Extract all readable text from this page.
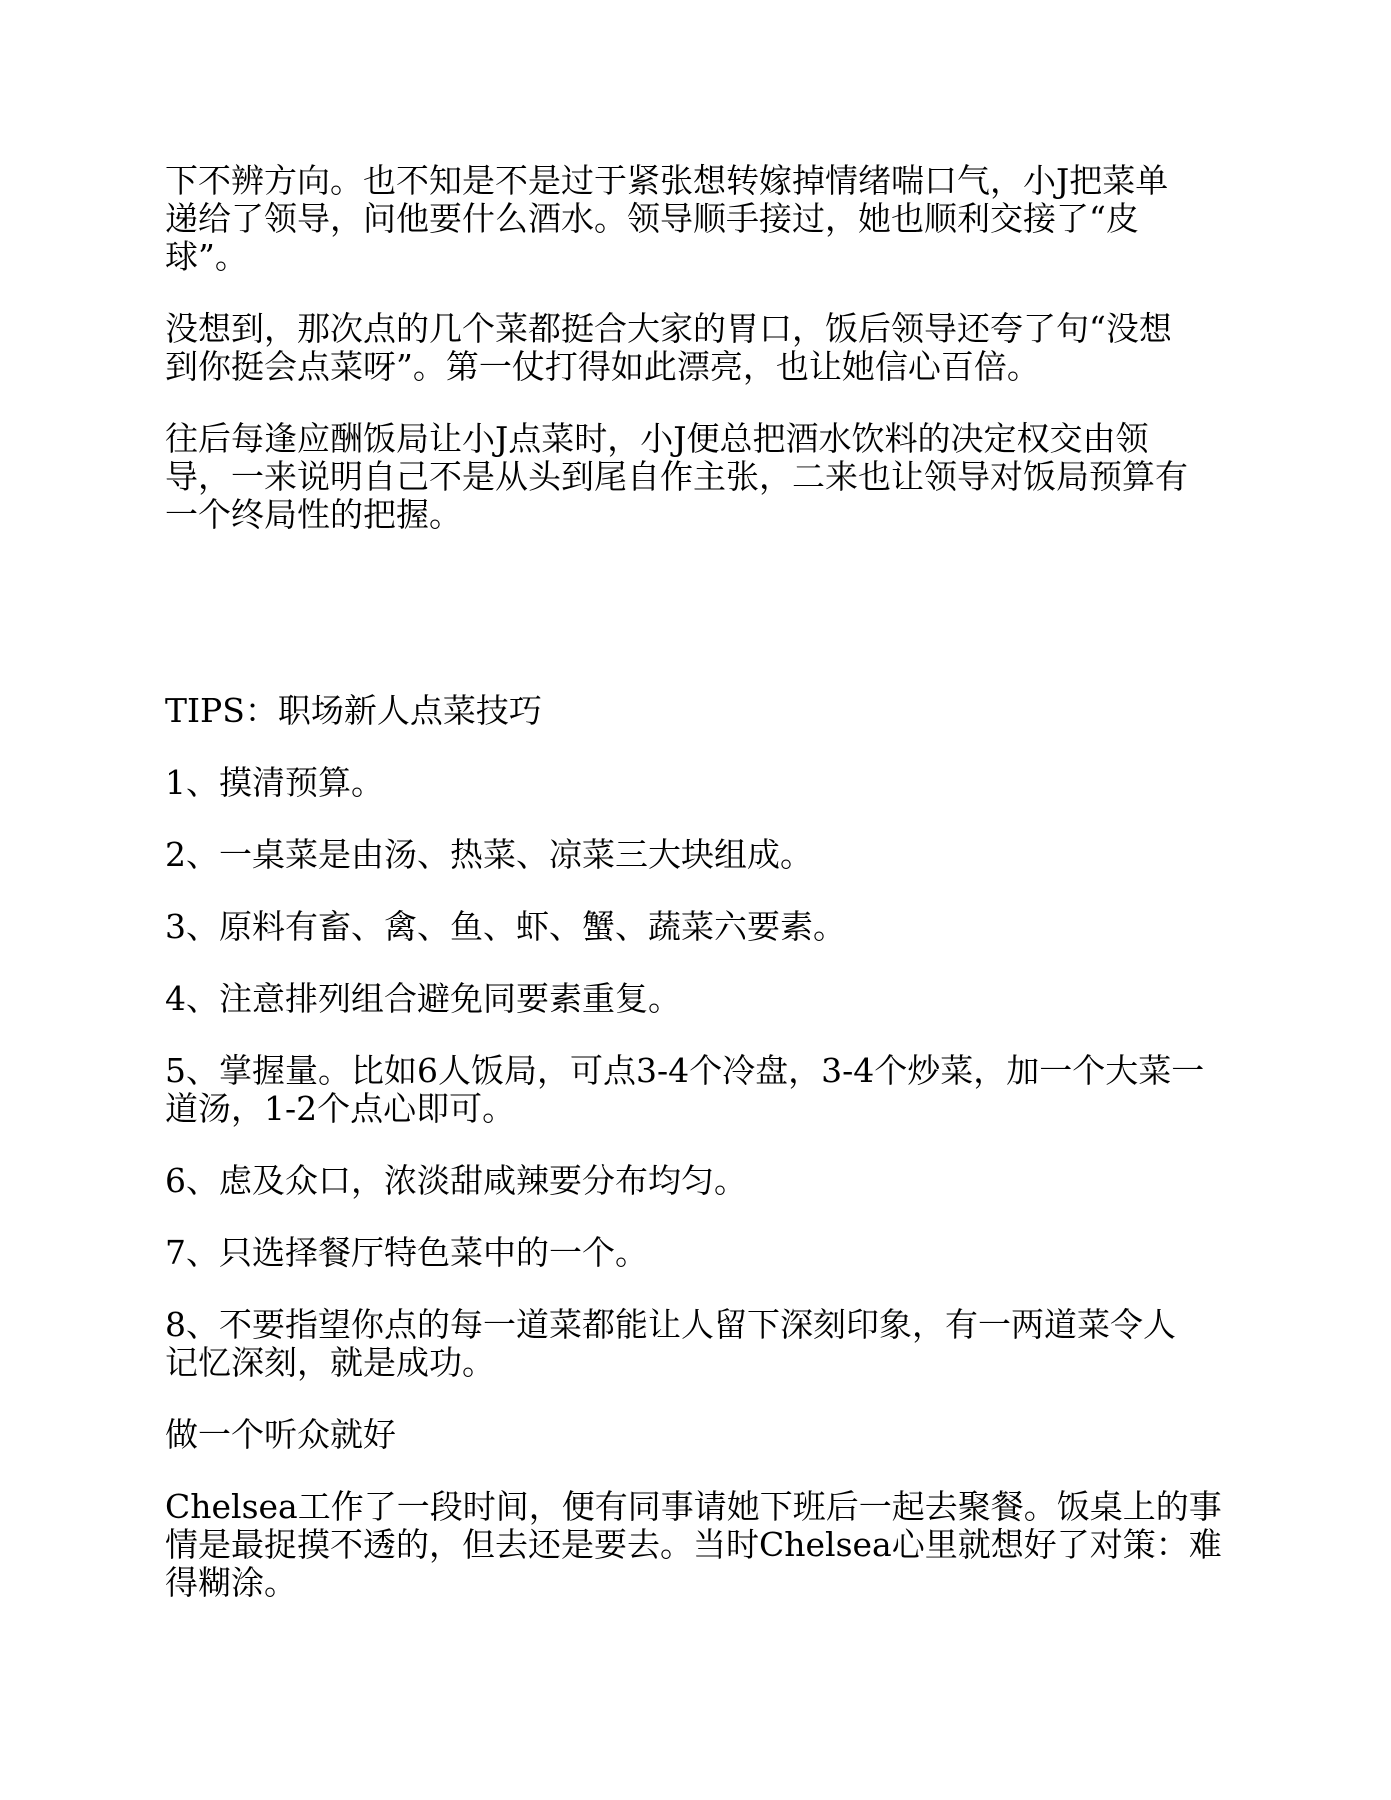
下不辨方向。也不知是不是过于紧张想转嫁掉情绪喘口气，小J把菜单
递给了领导，问他要什么酒水。领导顺手接过，她也顺利交接了“皮
球”。

没想到，那次点的几个菜都挺合大家的胃口，饭后领导还夸了句“没想
到你挺会点菜呀”。第一仗打得如此漂亮，也让她信心百倍。

往后每逢应酬饭局让小J点菜时，小J便总把酒水饮料的决定权交由领
导，一来说明自己不是从头到尾自作主张，二来也让领导对饭局预算有
一个终局性的把握。

TIPS：职场新人点菜技巧

1、摸清预算。

2、一桌菜是由汤、热菜、凉菜三大块组成。

3、原料有畜、禽、鱼、虾、蟹、蔬菜六要素。

4、注意排列组合避免同要素重复。

5、掌握量。比如6人饭局，可点3-4个冷盘，3-4个炒菜，加一个大菜一
道汤，1-2个点心即可。

6、虑及众口，浓淡甜咸辣要分布均匀。

7、只选择餐厅特色菜中的一个。

8、不要指望你点的每一道菜都能让人留下深刻印象，有一两道菜令人
记忆深刻，就是成功。

做一个听众就好

Chelsea工作了一段时间，便有同事请她下班后一起去聚餐。饭桌上的事
情是最捉摸不透的，但去还是要去。当时Chelsea心里就想好了对策：难
得糊涂。
